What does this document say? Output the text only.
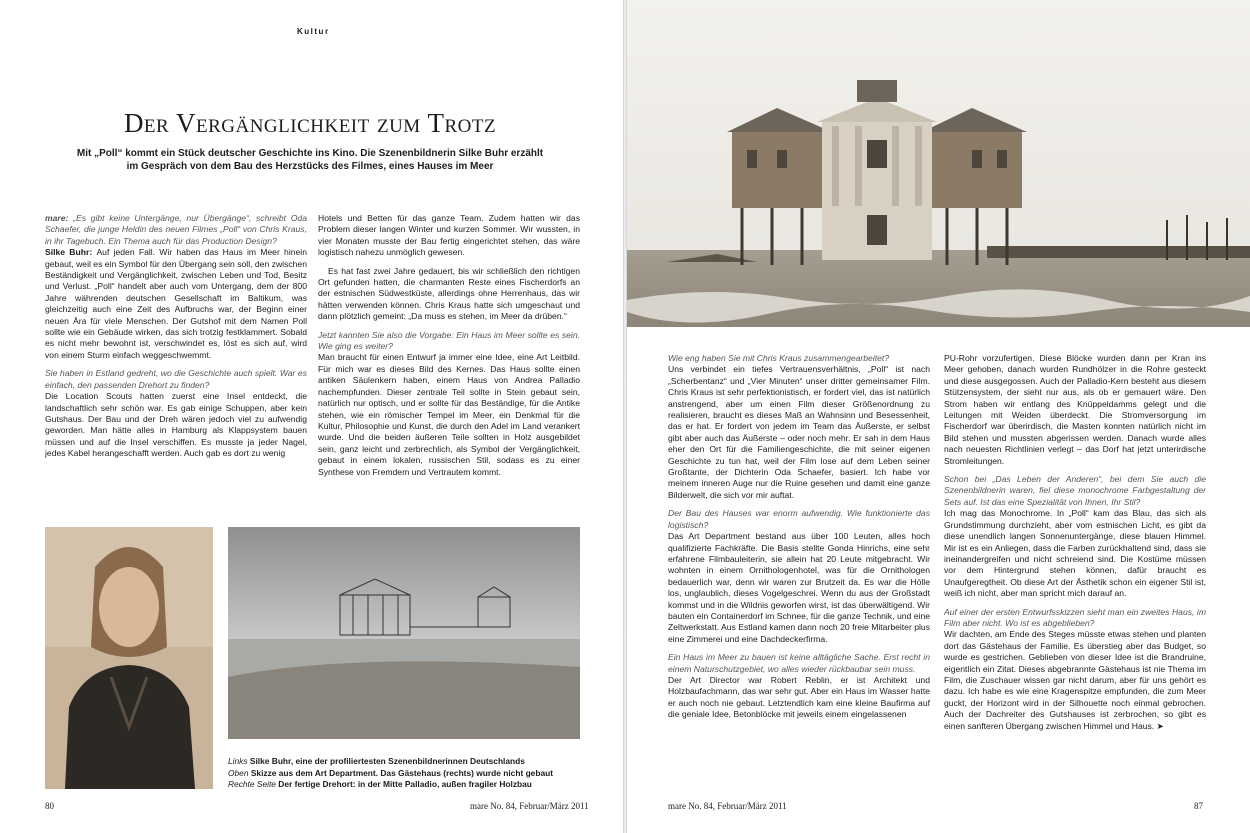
Kultur
Der Vergänglichkeit zum Trotz
Mit „Poll“ kommt ein Stück deutscher Geschichte ins Kino. Die Szenenbildnerin Silke Buhr erzählt im Gespräch von dem Bau des Herzstücks des Filmes, eines Hauses im Meer

mare: „Es gibt keine Untergänge, nur Übergänge“, schreibt Oda Schaefer, die junge Heldin des neuen Filmes „Poll“ von Chris Kraus, in ihr Tagebuch. Ein Thema auch für das Production Design?
Silke Buhr: Auf jeden Fall. Wir haben das Haus im Meer hinein gebaut, weil es ein Symbol für den Übergang sein soll, den zwischen Beständigkeit und Vergänglichkeit, zwischen Leben und Tod, Besitz und Verlust. „Poll“ handelt aber auch vom Untergang, dem der 800 Jahre währenden deutschen Gesellschaft im Baltikum, was gleichzeitig auch eine Zeit des Aufbruchs war, der Beginn einer neuen Ära für viele Menschen. Der Gutshof mit dem Namen Poll sollte wie ein Gebäude wirken, das sich trotzig festklammert. Sobald es nicht mehr bewohnt ist, verschwindet es, löst es sich auf, wird von einem Sturm einfach weggeschwemmt.

Sie haben in Estland gedreht, wo die Geschichte auch spielt. War es einfach, den passenden Drehort zu finden?
Die Location Scouts hatten zuerst eine Insel entdeckt, die landschaftlich sehr schön war. Es gab einige Schuppen, aber kein Gutshaus. Der Bau und der Dreh wären jedoch viel zu aufwendig geworden. Man hätte alles in Hamburg als Klappsystem bauen müssen und auf die Insel verschiffen. Es musste ja jeder Nagel, jedes Kabel herangeschafft werden. Auch gab es dort zu wenig

Hotels und Betten für das ganze Team. Zudem hatten wir das Problem dieser langen Winter und kurzen Sommer. Wir wussten, in vier Monaten musste der Bau fertig eingerichtet stehen, das wäre logistisch nahezu unmöglich gewesen.

Es hat fast zwei Jahre gedauert, bis wir schließlich den richtigen Ort gefunden hatten, die charmanten Reste eines Fischerdorfs an der estnischen Südwestküste, allerdings ohne Herrenhaus, das wir hätten verwenden können. Chris Kraus hatte sich umgeschaut und dann plötzlich gemeint: „Da muss es stehen, im Meer da drüben.“

Jetzt kannten Sie also die Vorgabe: Ein Haus im Meer sollte es sein. Wie ging es weiter?
Man braucht für einen Entwurf ja immer eine Idee, eine Art Leitbild. Für mich war es dieses Bild des Kernes. Das Haus sollte einen antiken Säulenkern haben, einem Haus von Andrea Palladio nachempfunden. Dieser zentrale Teil sollte in Stein gebaut sein, natürlich nur optisch, und er sollte für das Beständige, für die Antike stehen, wie ein römischer Tempel im Meer, ein Denkmal für die Kultur, Philosophie und Kunst, die durch den Adel im Land verankert wurde. Und die beiden äußeren Teile sollten in Holz ausgebildet sein, ganz leicht und zerbrechlich, als Symbol der Vergänglichkeit, gebaut in einem lokalen, russischen Stil, sodass es zu einer Synthese von Fremdem und Vertrautem kommt.

Links Silke Buhr, eine der profiliertesten Szenenbildnerinnen Deutschlands
Oben Skizze aus dem Art Department. Das Gästehaus (rechts) wurde nicht gebaut
Rechte Seite Der fertige Drehort: in der Mitte Palladio, außen fragiler Holzbau
80	mare No. 84, Februar/März 2011

Wie eng haben Sie mit Chris Kraus zusammengearbeitet?
Uns verbindet ein tiefes Vertrauensverhältnis, „Poll“ ist nach „Scherbentanz“ und „Vier Minuten“ unser dritter gemeinsamer Film. Chris Kraus ist sehr perfektionistisch, er fordert viel, das ist natürlich anstrengend, aber um einen Film dieser Größenordnung zu realisieren, braucht es dieses Maß an Wahnsinn und Besessenheit, das er hat. Er fordert von jedem im Team das Äußerste, er selbst gibt aber auch das Äußerste – oder noch mehr. Er sah in dem Haus eher den Ort für die Familiengeschichte, die mit seiner eigenen Geschichte zu tun hat, weil der Film lose auf dem Leben seiner Großtante, der Dichterin Oda Schaefer, basiert. Ich habe vor meinem inneren Auge nur die Ruine gesehen und damit eine ganze Bilderwelt, die sich vor mir auftat.

Der Bau des Hauses war enorm aufwendig. Wie funktionierte das logistisch?
Das Art Department bestand aus über 100 Leuten, alles hoch qualifizierte Fachkräfte. Die Basis stellte Gonda Hinrichs, eine sehr erfahrene Filmbauleiterin, sie allein hat 20 Leute mitgebracht. Wir wohnten in einem Ornithologenhotel, was für die Ornithologen bedauerlich war, denn wir waren zur Brutzeit da. Es war die Hölle los, unglaublich, dieses Vogelgeschrei. Wenn du aus der Großstadt kommst und in die Wildnis geworfen wirst, ist das überwältigend. Wir bauten ein Containerdorf im Schnee, für die ganze Technik, und eine Zeltwerkstatt. Aus Estland kamen dann noch 20 freie Mitarbeiter plus eine Zimmerei und eine Dachdeckerfirma.

Ein Haus im Meer zu bauen ist keine alltägliche Sache. Erst recht in einem Naturschutzgebiet, wo alles wieder rückbaubar sein muss.
Der Art Director war Robert Reblin, er ist Architekt und Holzbaufachmann, das war sehr gut. Aber ein Haus im Wasser hatte er auch noch nie gebaut. Letztendlich kam eine kleine Baufirma auf die geniale Idee, Betonblöcke mit jeweils einem eingelassenen

PU-Rohr vorzufertigen. Diese Blöcke wurden dann per Kran ins Meer gehoben, danach wurden Rundhölzer in die Rohre gesteckt und diese ausgegossen. Auch der Palladio-Kern besteht aus diesem Stützensystem, der sieht nur aus, als ob er gemauert wäre. Den Strom haben wir entlang des Knüppeldamms gelegt und die Leitungen mit Weiden überdeckt. Die Stromversorgung im Fischerdorf war überirdisch, die Masten konnten natürlich nicht im Bild stehen und mussten abgerissen werden. Danach wurde alles nach neuesten Richtlinien verlegt – das Dorf hat jetzt unterirdische Stromleitungen.

Schon bei „Das Leben der Anderen“, bei dem Sie auch die Szenenbildnerin waren, fiel diese monochrome Farbgestaltung der Sets auf. Ist das eine Spezialität von Ihnen, Ihr Stil?
Ich mag das Monochrome. In „Poll“ kam das Blau, das sich als Grundstimmung durchzieht, aber vom estnischen Licht, es gibt da diese unendlich langen Sonnenuntergänge, diese blauen Himmel. Mir ist es ein Anliegen, dass die Farben zurückhaltend sind, dass sie ineinandergreifen und nicht schreiend sind. Die Kostüme müssen vor dem Hintergrund stehen können, dafür braucht es Unaufgeregtheit. Ob diese Art der Ästhetik schon ein eigener Stil ist, weiß ich nicht, aber man spricht mich darauf an.

Auf einer der ersten Entwurfsskizzen sieht man ein zweites Haus, im Film aber nicht. Wo ist es abgeblieben?
Wir dachten, am Ende des Steges müsste etwas stehen und planten dort das Gästehaus der Familie. Es überstieg aber das Budget, so wurde es gestrichen. Geblieben von dieser Idee ist die Brandruine, eigentlich ein Zitat. Dieses abgebrannte Gästehaus ist nie Thema im Film, die Zuschauer wissen gar nicht darum, aber für uns gehört es dazu. Ich habe es wie eine Kragenspitze empfunden, die zum Meer guckt, der Horizont wird in der Silhouette noch einmal gebrochen. Auch der Dachreiter des Gutshauses ist zerbrochen, so gibt es einen sanfteren Übergang zwischen Himmel und Haus. ➤

mare No. 84, Februar/März 2011	87
